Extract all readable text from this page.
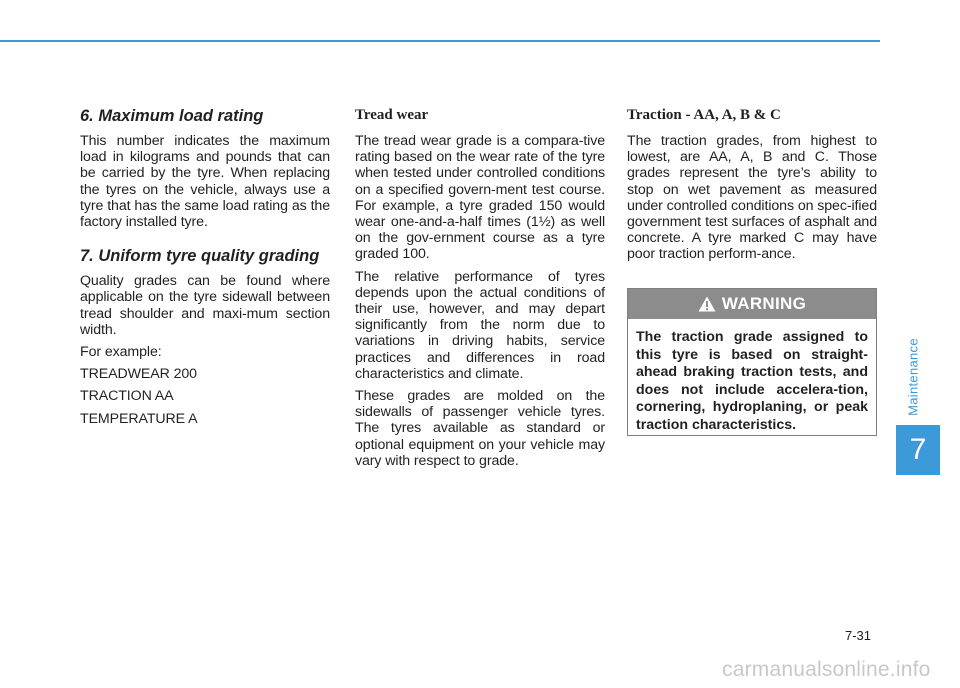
6. Maximum load rating

This number indicates the maximum load in kilograms and pounds that can be carried by the tyre. When replacing the tyres on the vehicle, always use a tyre that has the same load rating as the factory installed tyre.

7. Uniform tyre quality grading

Quality grades can be found where applicable on the tyre sidewall between tread shoulder and maxi-mum section width.

For example:

TREADWEAR 200

TRACTION AA

TEMPERATURE A

Tread wear

The tread wear grade is a compara-tive rating based on the wear rate of the tyre when tested under controlled conditions on a specified govern-ment test course. For example, a tyre graded 150 would wear one-and-a-half times (1½) as well on the gov-ernment course as a tyre graded 100.

The relative performance of tyres depends upon the actual conditions of their use, however, and may depart significantly from the norm due to variations in driving habits, service practices and differences in road characteristics and climate.

These grades are molded on the sidewalls of passenger vehicle tyres. The tyres available as standard or optional equipment on your vehicle may vary with respect to grade.

Traction - AA, A, B & C

The traction grades, from highest to lowest, are AA, A, B and C. Those grades represent the tyre’s ability to stop on wet pavement as measured under controlled conditions on spec-ified government test surfaces of asphalt and concrete. A tyre marked C may have poor traction perform-ance.

WARNING
The traction grade assigned to this tyre is based on straight-ahead braking traction tests, and does not include accelera-tion, cornering, hydroplaning, or peak traction characteristics.
Maintenance
7
7-31
carmanualsonline.info
